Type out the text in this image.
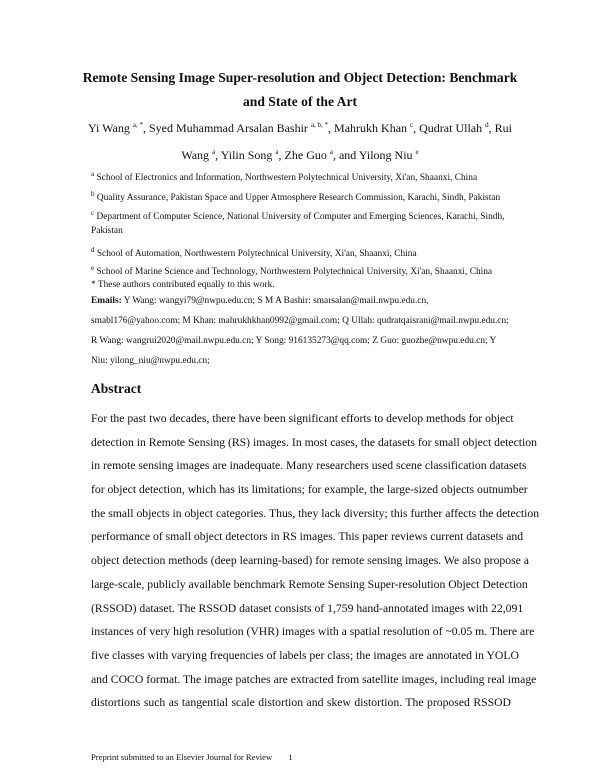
Remote Sensing Image Super-resolution and Object Detection: Benchmark
and State of the Art
Yi Wang $^{a, *}$, Syed Muhammad Arsalan Bashir $^{a, b, *}$, Mahrukh Khan $^c$, Qudrat Ullah $^d$, Rui
Wang $^a$, Yilin Song $^a$, Zhe Guo $^a$, and Yilong Niu $^e$
$^a$ School of Electronics and Information, Northwestern Polytechnical University, Xi'an, Shaanxi, China
$^b$ Quality Assurance, Pakistan Space and Upper Atmosphere Research Commission, Karachi, Sindh, Pakistan
$^c$ Department of Computer Science, National University of Computer and Emerging Sciences, Karachi, Sindh,
Pakistan
$^d$ School of Automation, Northwestern Polytechnical University, Xi'an, Shaanxi, China
$^e$ School of Marine Science and Technology, Northwestern Polytechnical University, Xi'an, Shaanxi, China
* These authors contributed equally to this work.
Emails: Y Wang: wangyi79@nwpu.edu.cn; S M A Bashir: smarsalan@mail.nwpu.edu.cn,
smabl176@yahoo.com; M Khan: mahrukhkhan0992@gmail.com; Q Ullah: qudratqaisrani@mail.nwpu.edu.cn;
R Wang: wangrui2020@mail.nwpu.edu.cn; Y Song: 916135273@qq.com; Z Guo: guozhe@nwpu.edu.cn; Y
Niu: yilong_niu@nwpu.edu.cn;
Abstract
For the past two decades, there have been significant efforts to develop methods for object
detection in Remote Sensing (RS) images. In most cases, the datasets for small object detection
in remote sensing images are inadequate. Many researchers used scene classification datasets
for object detection, which has its limitations; for example, the large-sized objects outnumber
the small objects in object categories. Thus, they lack diversity; this further affects the detection
performance of small object detectors in RS images. This paper reviews current datasets and
object detection methods (deep learning-based) for remote sensing images. We also propose a
large-scale, publicly available benchmark Remote Sensing Super-resolution Object Detection
(RSSOD) dataset. The RSSOD dataset consists of 1,759 hand-annotated images with 22,091
instances of very high resolution (VHR) images with a spatial resolution of ~0.05 m. There are
five classes with varying frequencies of labels per class; the images are annotated in YOLO
and COCO format. The image patches are extracted from satellite images, including real image
distortions such as tangential scale distortion and skew distortion. The proposed RSSOD
Preprint submitted to an Elsevier Journal for Review 1
